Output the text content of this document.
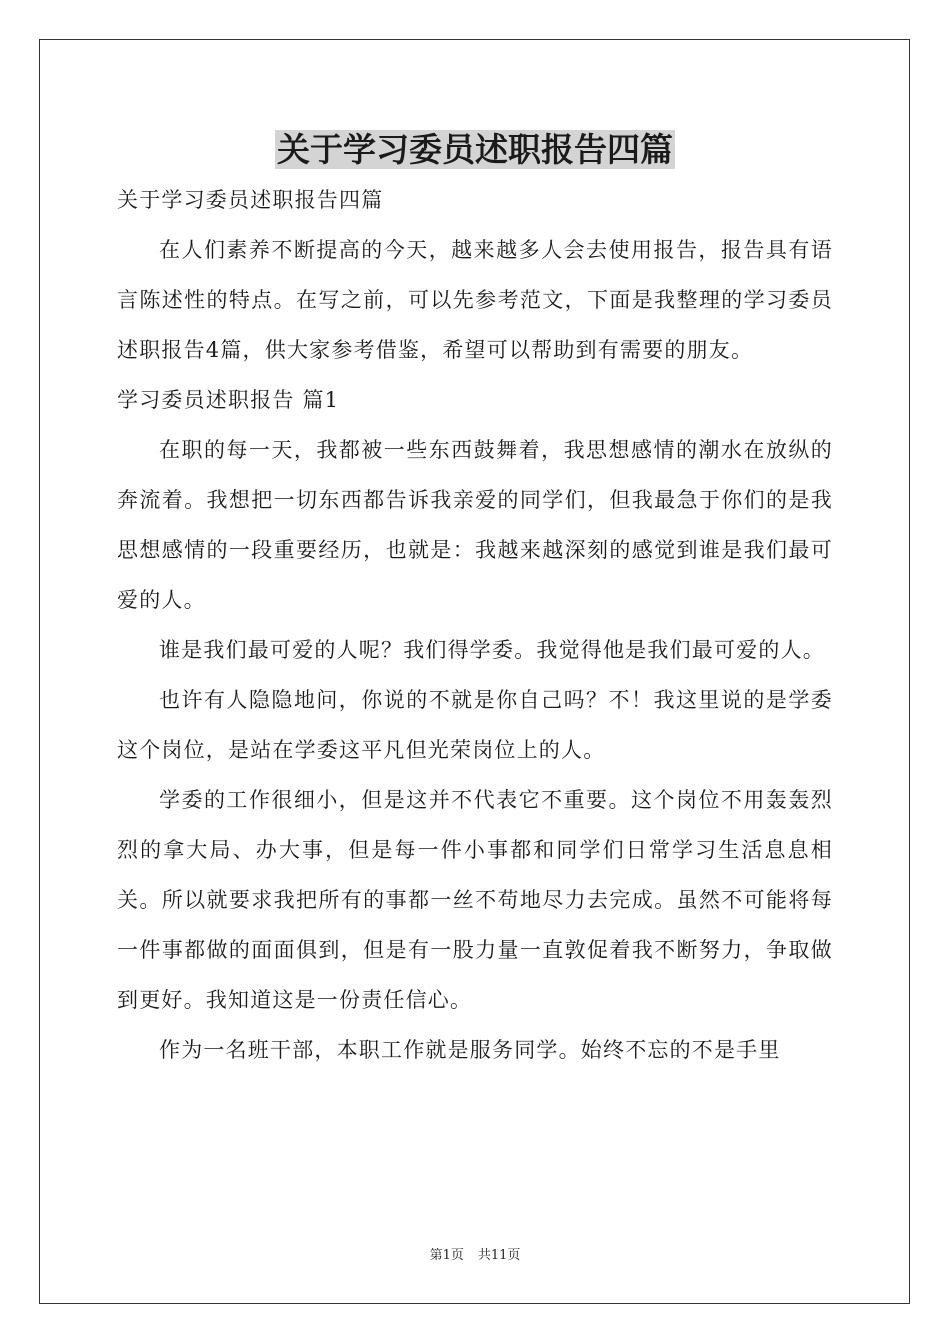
关于学习委员述职报告四篇

关于学习委员述职报告四篇

在人们素养不断提高的今天，越来越多人会去使用报告，报告具有语言陈述性的特点。在写之前，可以先参考范文，下面是我整理的学习委员述职报告4篇，供大家参考借鉴，希望可以帮助到有需要的朋友。

学习委员述职报告 篇1

在职的每一天，我都被一些东西鼓舞着，我思想感情的潮水在放纵的奔流着。我想把一切东西都告诉我亲爱的同学们，但我最急于你们的是我思想感情的一段重要经历，也就是：我越来越深刻的感觉到谁是我们最可爱的人。

谁是我们最可爱的人呢？我们得学委。我觉得他是我们最可爱的人。

也许有人隐隐地问，你说的不就是你自己吗？不！我这里说的是学委这个岗位，是站在学委这平凡但光荣岗位上的人。

学委的工作很细小，但是这并不代表它不重要。这个岗位不用轰轰烈烈的拿大局、办大事，但是每一件小事都和同学们日常学习生活息息相关。所以就要求我把所有的事都一丝不苟地尽力去完成。虽然不可能将每一件事都做的面面俱到，但是有一股力量一直敦促着我不断努力，争取做到更好。我知道这是一份责任信心。

作为一名班干部，本职工作就是服务同学。始终不忘的不是手里

第1页 共11页
